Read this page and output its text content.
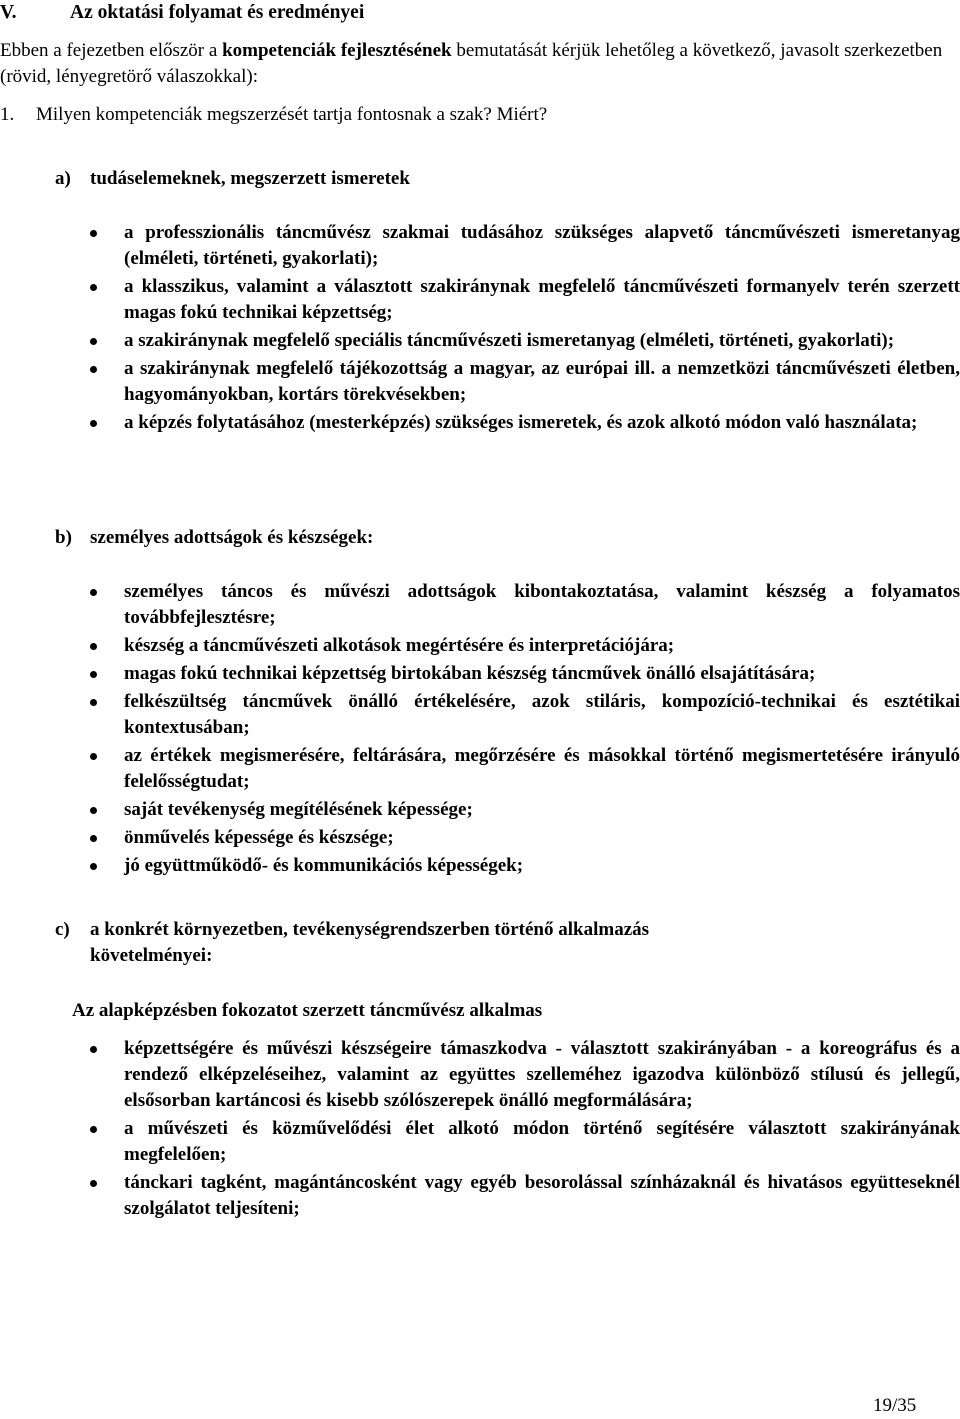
V.	Az oktatási folyamat és eredményei

Ebben a fejezetben először a kompetenciák fejlesztésének bemutatását kérjük lehetőleg a következő, javasolt szerkezetben (rövid, lényegretörő válaszokkal):

1. Milyen kompetenciák megszerzését tartja fontosnak a szak? Miért?
a) tudáselemeknek, megszerzett ismeretek
a professzionális táncművész szakmai tudásához szükséges alapvető táncművészeti ismeretanyag (elméleti, történeti, gyakorlati);
a klasszikus, valamint a választott szakiránynak megfelelő táncművészeti formanyelv terén szerzett magas fokú technikai képzettség;
a szakiránynak megfelelő speciális táncművészeti ismeretanyag (elméleti, történeti, gyakorlati);
a szakiránynak megfelelő tájékozottság a magyar, az európai ill. a nemzetközi táncművészeti életben, hagyományokban, kortárs törekvésekben;
a képzés folytatásához (mesterképzés) szükséges ismeretek, és azok alkotó módon való használata;
b) személyes adottságok és készségek:
személyes táncos és művészi adottságok kibontakoztatása, valamint készség a folyamatos továbbfejlesztésre;
készség a táncművészeti alkotások megértésére és interpretációjára;
magas fokú technikai képzettség birtokában készség táncművek önálló elsajátítására;
felkészültség táncművek önálló értékelésére, azok stiláris, kompozíció-technikai és esztétikai kontextusában;
az értékek megismerésére, feltárására, megőrzésére és másokkal történő megismertetésére irányuló felelősségtudat;
saját tevékenység megítélésének képessége;
önművelés képessége és készsége;
jó együttműködő- és kommunikációs képességek;
c) a konkrét környezetben, tevékenységrendszerben történő alkalmazás
követelményei:
Az alapképzésben fokozatot szerzett táncművész alkalmas
képzettségére és művészi készségeire támaszkodva - választott szakirányában - a koreográfus és a rendező elképzeléseihez, valamint az együttes szelleméhez igazodva különböző stílusú és jellegű, elsősorban kartáncosi és kisebb szólószerepek önálló megformálására;
a művészeti és közművelődési élet alkotó módon történő segítésére választott szakirányának megfelelően;
tánckari tagként, magántáncosként vagy egyéb besorolással színházaknál és hivatásos együtteseknél szolgálatot teljesíteni;
19/35
